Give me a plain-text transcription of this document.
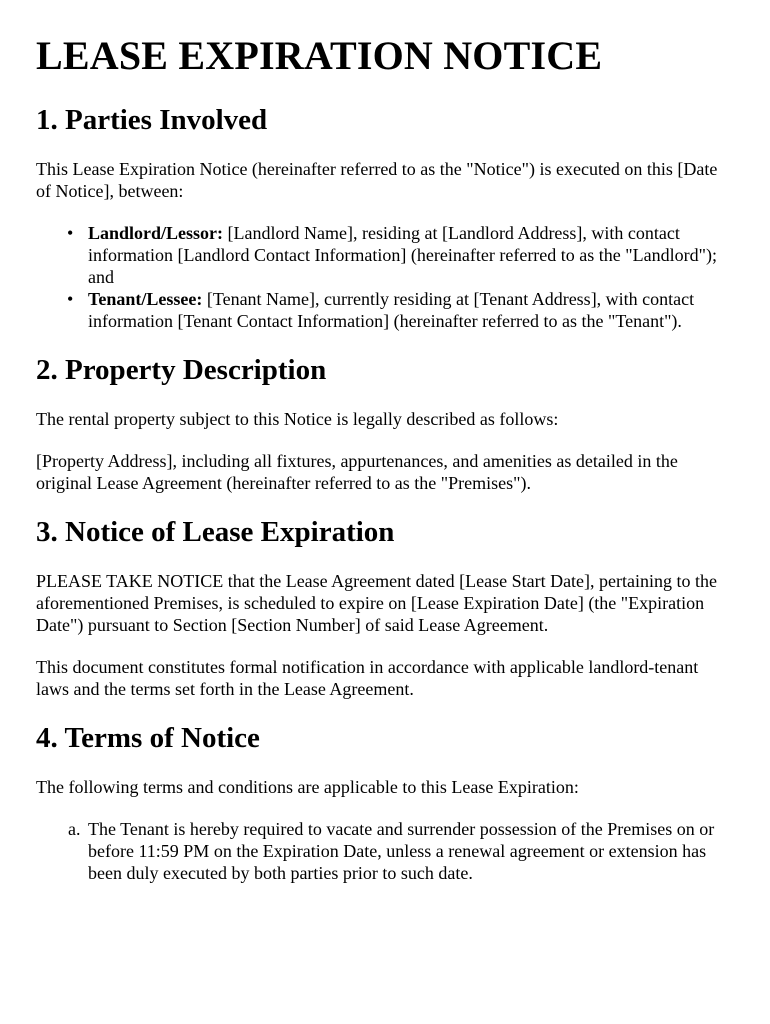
LEASE EXPIRATION NOTICE
1. Parties Involved

This Lease Expiration Notice (hereinafter referred to as the "Notice") is executed on this [Date of Notice], between:

• Landlord/Lessor: [Landlord Name], residing at [Landlord Address], with contact information [Landlord Contact Information] (hereinafter referred to as the "Landlord"); and
• Tenant/Lessee: [Tenant Name], currently residing at [Tenant Address], with contact information [Tenant Contact Information] (hereinafter referred to as the "Tenant").
2. Property Description

The rental property subject to this Notice is legally described as follows:

[Property Address], including all fixtures, appurtenances, and amenities as detailed in the original Lease Agreement (hereinafter referred to as the "Premises").

3. Notice of Lease Expiration

PLEASE TAKE NOTICE that the Lease Agreement dated [Lease Start Date], pertaining to the aforementioned Premises, is scheduled to expire on [Lease Expiration Date] (the "Expiration Date") pursuant to Section [Section Number] of said Lease Agreement.

This document constitutes formal notification in accordance with applicable landlord-tenant laws and the terms set forth in the Lease Agreement.

4. Terms of Notice

The following terms and conditions are applicable to this Lease Expiration:

a. The Tenant is hereby required to vacate and surrender possession of the Premises on or before 11:59 PM on the Expiration Date, unless a renewal agreement or extension has been duly executed by both parties prior to such date.
